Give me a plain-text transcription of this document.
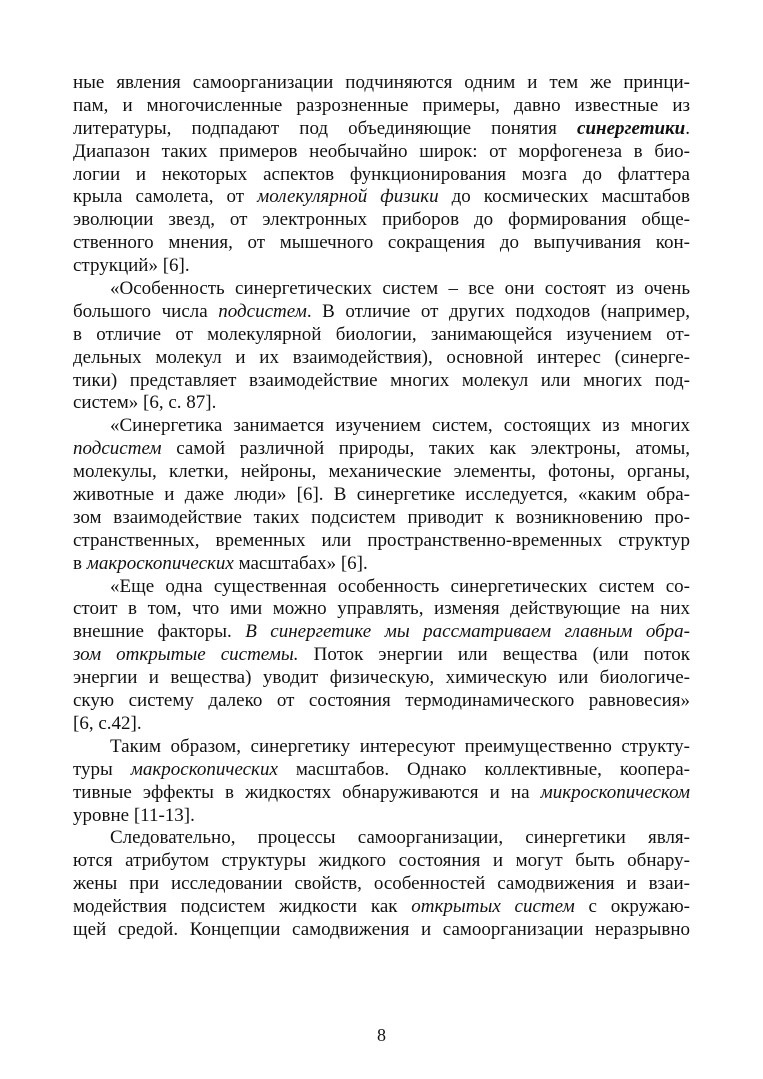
ные явления самоорганизации подчиняются одним и тем же принци-
пам, и многочисленные разрозненные примеры, давно известные из
литературы, подпадают под объединяющие понятия синергетики.
Диапазон таких примеров необычайно широк: от морфогенеза в био-
логии и некоторых аспектов функционирования мозга до флаттера
крыла самолета, от молекулярной физики до космических масштабов
эволюции звезд, от электронных приборов до формирования обще-
ственного мнения, от мышечного сокращения до выпучивания кон-
струкций» [6].
«Особенность синергетических систем – все они состоят из очень
большого числа подсистем. В отличие от других подходов (например,
в отличие от молекулярной биологии, занимающейся изучением от-
дельных молекул и их взаимодействия), основной интерес (синерге-
тики) представляет взаимодействие многих молекул или многих под-
систем» [6, с. 87].
«Синергетика занимается изучением систем, состоящих из многих
подсистем самой различной природы, таких как электроны, атомы,
молекулы, клетки, нейроны, механические элементы, фотоны, органы,
животные и даже люди» [6]. В синергетике исследуется, «каким обра-
зом взаимодействие таких подсистем приводит к возникновению про-
странственных, временных или пространственно-временных структур
в макроскопических масштабах» [6].
«Еще одна существенная особенность синергетических систем со-
стоит в том, что ими можно управлять, изменяя действующие на них
внешние факторы. В синергетике мы рассматриваем главным обра-
зом открытые системы. Поток энергии или вещества (или поток
энергии и вещества) уводит физическую, химическую или биологиче-
скую систему далеко от состояния термодинамического равновесия»
[6, с.42].
Таким образом, синергетику интересуют преимущественно структу-
туры макроскопических масштабов. Однако коллективные, коопера-
тивные эффекты в жидкостях обнаруживаются и на микроскопическом
уровне [11-13].
Следовательно, процессы самоорганизации, синергетики явля-
ются атрибутом структуры жидкого состояния и могут быть обнару-
жены при исследовании свойств, особенностей самодвижения и взаи-
модействия подсистем жидкости как открытых систем с окружаю-
щей средой. Концепции самодвижения и самоорганизации неразрывно
8
